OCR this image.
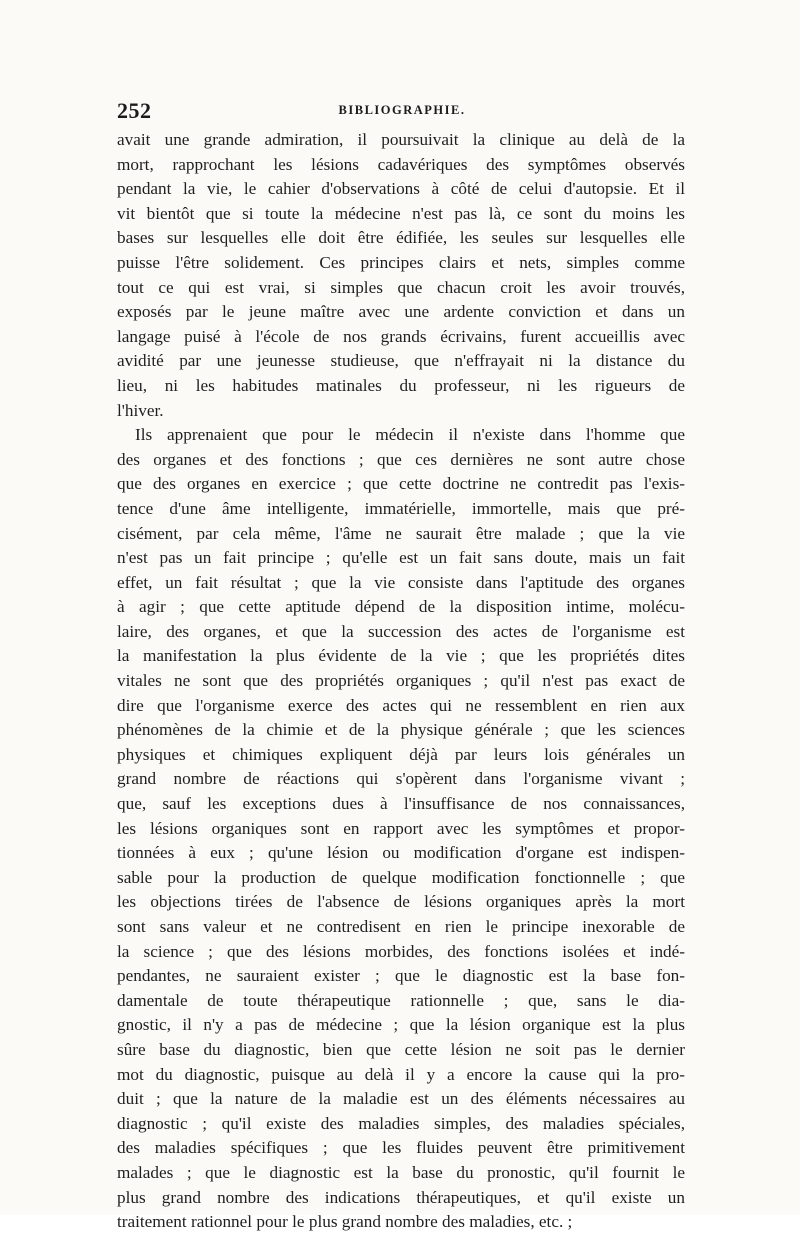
252	BIBLIOGRAPHIE.
avait une grande admiration, il poursuivait la clinique au delà de la
mort, rapprochant les lésions cadavériques des symptômes observés
pendant la vie, le cahier d'observations à côté de celui d'autopsie. Et il
vit bientôt que si toute la médecine n'est pas là, ce sont du moins les
bases sur lesquelles elle doit être édifiée, les seules sur lesquelles elle
puisse l'être solidement. Ces principes clairs et nets, simples comme
tout ce qui est vrai, si simples que chacun croit les avoir trouvés,
exposés par le jeune maître avec une ardente conviction et dans un
langage puisé à l'école de nos grands écrivains, furent accueillis avec
avidité par une jeunesse studieuse, que n'effrayait ni la distance du
lieu, ni les habitudes matinales du professeur, ni les rigueurs de
l'hiver.
Ils apprenaient que pour le médecin il n'existe dans l'homme que
des organes et des fonctions ; que ces dernières ne sont autre chose
que des organes en exercice ; que cette doctrine ne contredit pas l'exis-
tence d'une âme intelligente, immatérielle, immortelle, mais que pré-
cisément, par cela même, l'âme ne saurait être malade ; que la vie
n'est pas un fait principe ; qu'elle est un fait sans doute, mais un fait
effet, un fait résultat ; que la vie consiste dans l'aptitude des organes
à agir ; que cette aptitude dépend de la disposition intime, molécu-
laire, des organes, et que la succession des actes de l'organisme est
la manifestation la plus évidente de la vie ; que les propriétés dites
vitales ne sont que des propriétés organiques ; qu'il n'est pas exact de
dire que l'organisme exerce des actes qui ne ressemblent en rien aux
phénomènes de la chimie et de la physique générale ; que les sciences
physiques et chimiques expliquent déjà par leurs lois générales un
grand nombre de réactions qui s'opèrent dans l'organisme vivant ;
que, sauf les exceptions dues à l'insuffisance de nos connaissances,
les lésions organiques sont en rapport avec les symptômes et propor-
tionnées à eux ; qu'une lésion ou modification d'organe est indispen-
sable pour la production de quelque modification fonctionnelle ; que
les objections tirées de l'absence de lésions organiques après la mort
sont sans valeur et ne contredisent en rien le principe inexorable de
la science ; que des lésions morbides, des fonctions isolées et indé-
pendantes, ne sauraient exister ; que le diagnostic est la base fon-
damentale de toute thérapeutique rationnelle ; que, sans le dia-
gnostic, il n'y a pas de médecine ; que la lésion organique est la plus
sûre base du diagnostic, bien que cette lésion ne soit pas le dernier
mot du diagnostic, puisque au delà il y a encore la cause qui la pro-
duit ; que la nature de la maladie est un des éléments nécessaires au
diagnostic ; qu'il existe des maladies simples, des maladies spéciales,
des maladies spécifiques ; que les fluides peuvent être primitivement
malades ; que le diagnostic est la base du pronostic, qu'il fournit le
plus grand nombre des indications thérapeutiques, et qu'il existe un
traitement rationnel pour le plus grand nombre des maladies, etc. ;
